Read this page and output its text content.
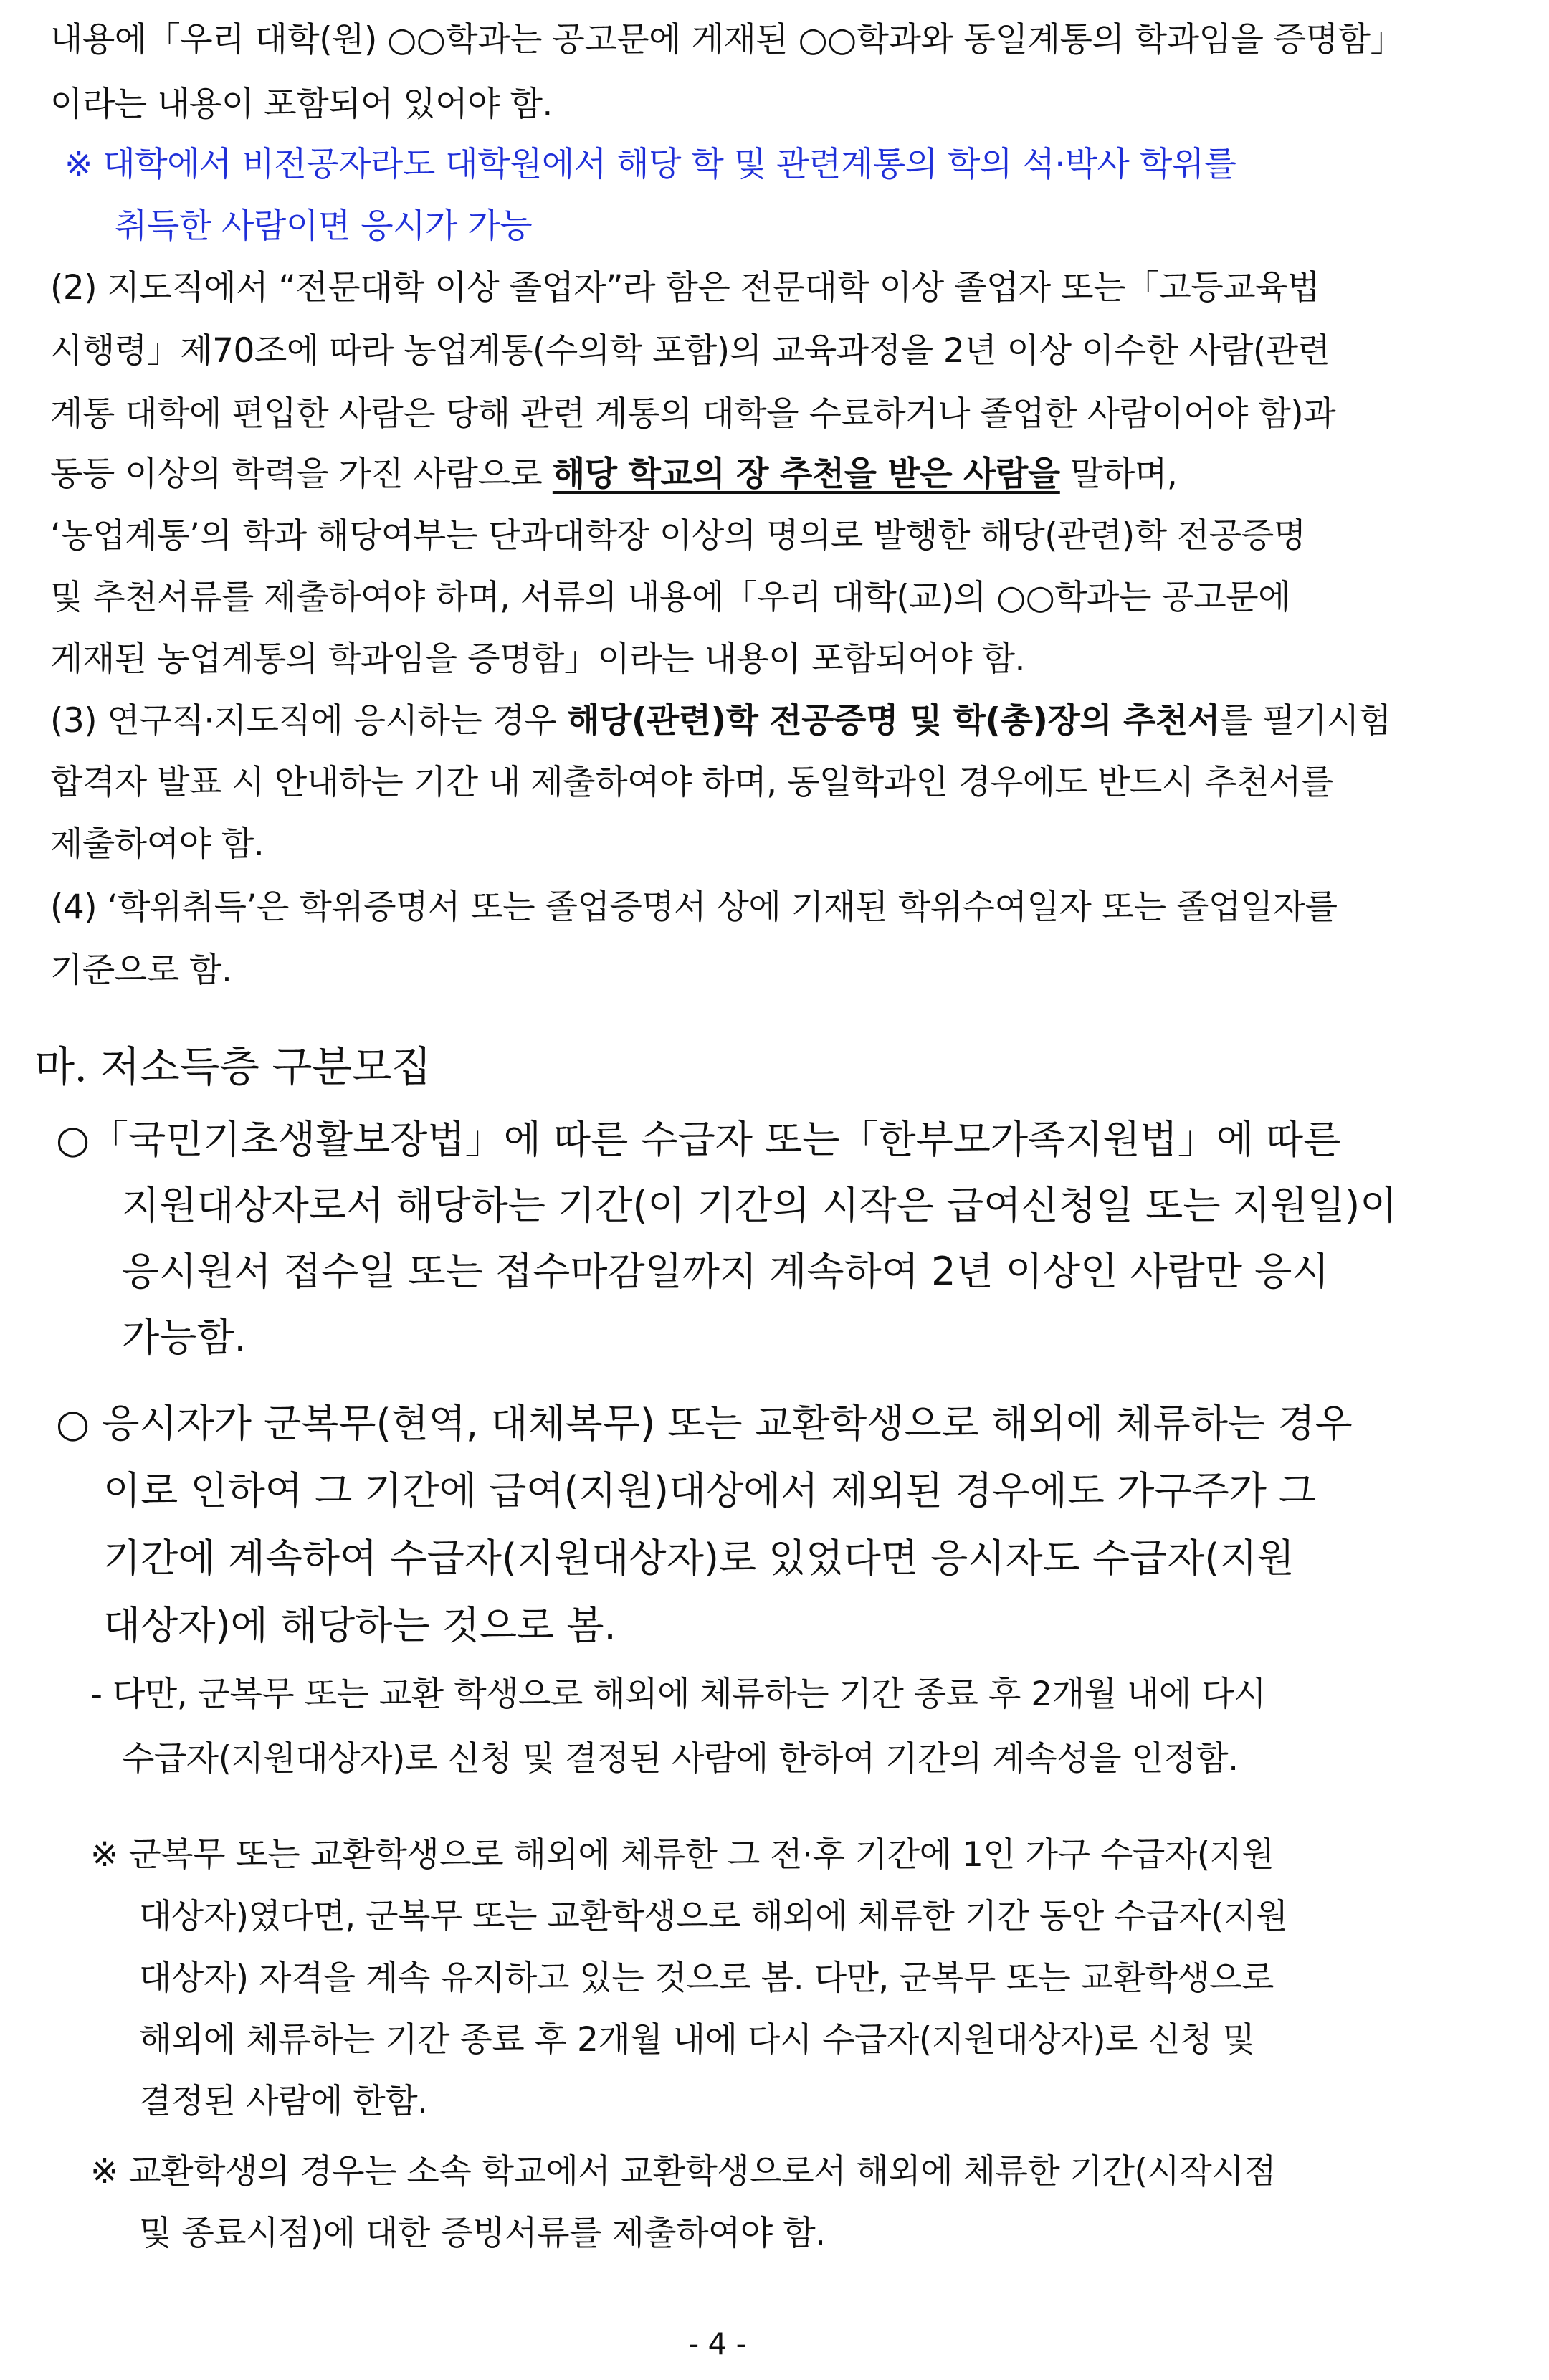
내용에「우리 대학(원) ○○학과는 공고문에 게재된 ○○학과와 동일계통의 학과임을 증명함」

이라는 내용이 포함되어 있어야 함.

※ 대학에서 비전공자라도 대학원에서 해당 학 및 관련계통의 학의 석·박사 학위를

취득한 사람이면 응시가 가능

(2) 지도직에서 “전문대학 이상 졸업자”라 함은 전문대학 이상 졸업자 또는「고등교육법

시행령」제70조에 따라 농업계통(수의학 포함)의 교육과정을 2년 이상 이수한 사람(관련

계통 대학에 편입한 사람은 당해 관련 계통의 대학을 수료하거나 졸업한 사람이어야 함)과

동등 이상의 학력을 가진 사람으로 해당 학교의 장 추천을 받은 사람을 말하며,

‘농업계통’의 학과 해당여부는 단과대학장 이상의 명의로 발행한 해당(관련)학 전공증명

및 추천서류를 제출하여야 하며, 서류의 내용에「우리 대학(교)의 ○○학과는 공고문에

게재된 농업계통의 학과임을 증명함」이라는 내용이 포함되어야 함.

(3) 연구직·지도직에 응시하는 경우 해당(관련)학 전공증명 및 학(총)장의 추천서를 필기시험

합격자 발표 시 안내하는 기간 내 제출하여야 하며, 동일학과인 경우에도 반드시 추천서를

제출하여야 함.

(4) ‘학위취득’은 학위증명서 또는 졸업증명서 상에 기재된 학위수여일자 또는 졸업일자를

기준으로 함.

마. 저소득층 구분모집

○「국민기초생활보장법」에 따른 수급자 또는「한부모가족지원법」에 따른

지원대상자로서 해당하는 기간(이 기간의 시작은 급여신청일 또는 지원일)이

응시원서 접수일 또는 접수마감일까지 계속하여 2년 이상인 사람만 응시

가능함.

○ 응시자가 군복무(현역, 대체복무) 또는 교환학생으로 해외에 체류하는 경우

이로 인하여 그 기간에 급여(지원)대상에서 제외된 경우에도 가구주가 그

기간에 계속하여 수급자(지원대상자)로 있었다면 응시자도 수급자(지원

대상자)에 해당하는 것으로 봄.

- 다만, 군복무 또는 교환 학생으로 해외에 체류하는 기간 종료 후 2개월 내에 다시

수급자(지원대상자)로 신청 및 결정된 사람에 한하여 기간의 계속성을 인정함.

※ 군복무 또는 교환학생으로 해외에 체류한 그 전·후 기간에 1인 가구 수급자(지원

대상자)였다면, 군복무 또는 교환학생으로 해외에 체류한 기간 동안 수급자(지원

대상자) 자격을 계속 유지하고 있는 것으로 봄. 다만, 군복무 또는 교환학생으로

해외에 체류하는 기간 종료 후 2개월 내에 다시 수급자(지원대상자)로 신청 및

결정된 사람에 한함.

※ 교환학생의 경우는 소속 학교에서 교환학생으로서 해외에 체류한 기간(시작시점

및 종료시점)에 대한 증빙서류를 제출하여야 함.

- 4 -
